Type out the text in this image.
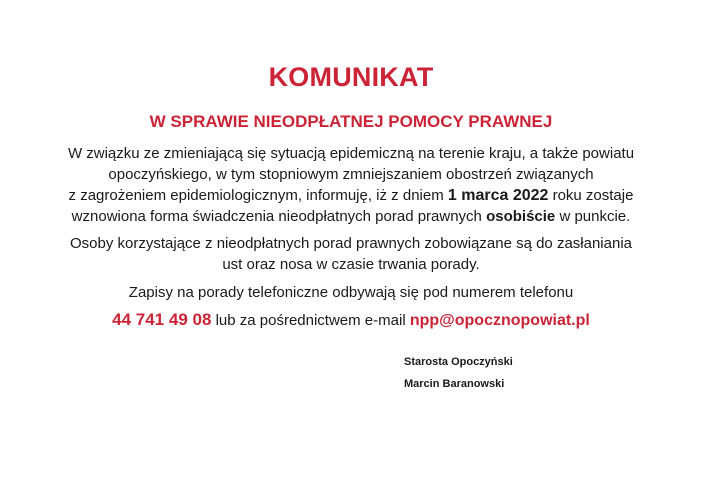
KOMUNIKAT
W SPRAWIE NIEODPŁATNEJ POMOCY PRAWNEJ
W związku ze zmieniającą się sytuacją epidemiczną na terenie kraju, a także powiatu
opoczyńskiego, w tym stopniowym zmniejszaniem obostrzeń związanych
z zagrożeniem epidemiologicznym, informuję, iż z dniem 1 marca 2022 roku zostaje
wznowiona forma świadczenia nieodpłatnych porad prawnych osobiście w punkcie.
Osoby korzystające z nieodpłatnych porad prawnych zobowiązane są do zasłaniania
ust oraz nosa w czasie trwania porady.
Zapisy na porady telefoniczne odbywają się pod numerem telefonu
44 741 49 08 lub za pośrednictwem e-mail npp@opocznopowiat.pl
Starosta Opoczyński
Marcin Baranowski
